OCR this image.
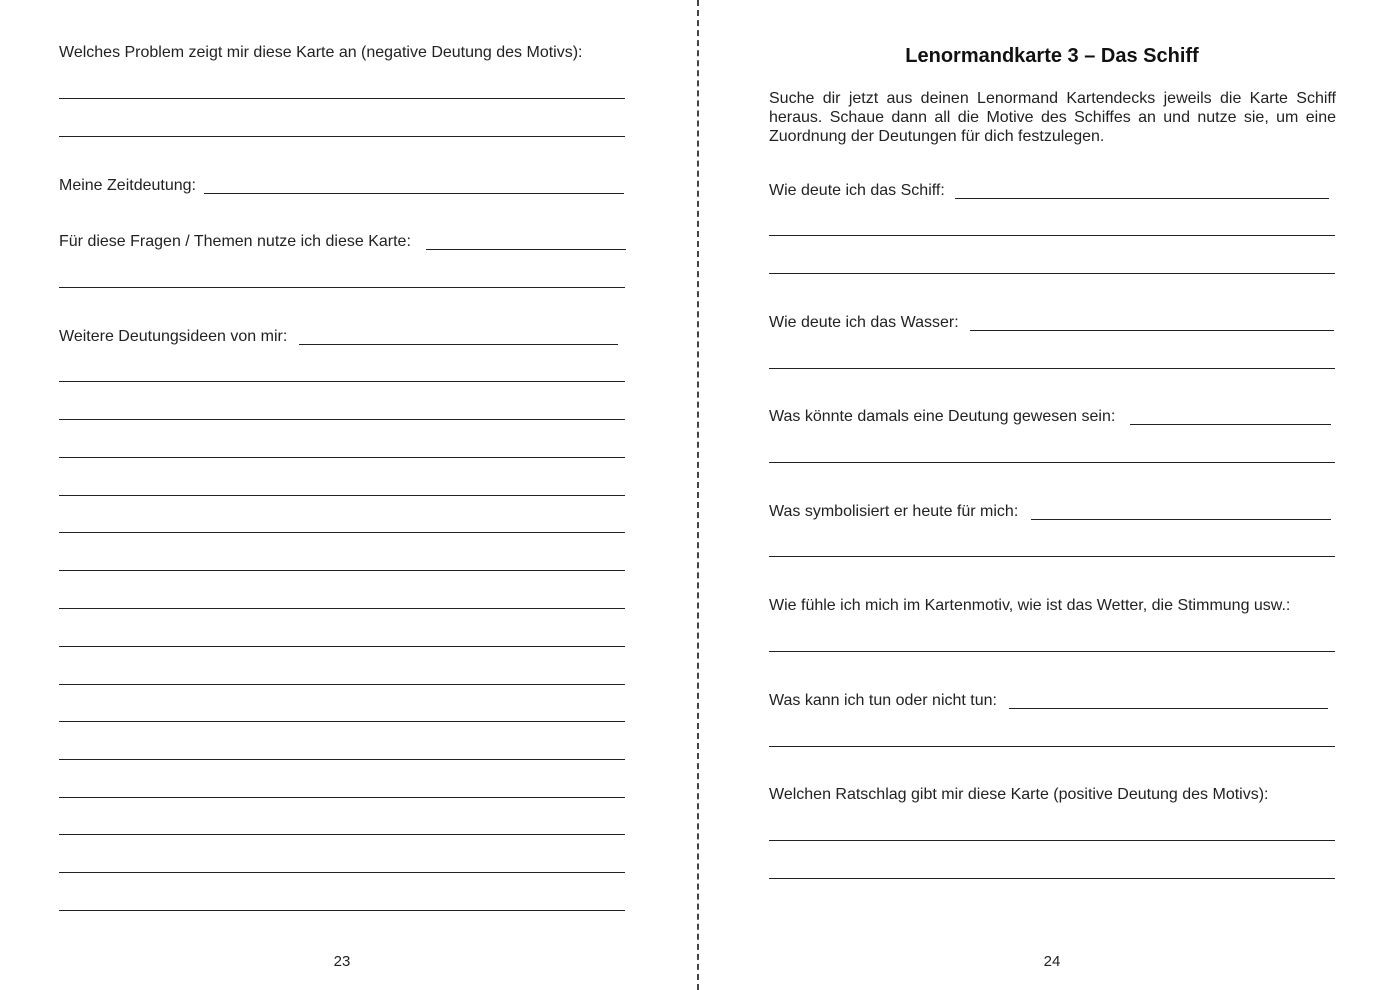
Welches Problem zeigt mir diese Karte an (negative Deutung des Motivs):
Meine Zeitdeutung:
Für diese Fragen / Themen nutze ich diese Karte:
Weitere Deutungsideen von mir:
23
Lenormandkarte 3 – Das Schiff
Suche dir jetzt aus deinen Lenormand Kartendecks jeweils die Karte Schiff heraus. Schaue dann all die Motive des Schiffes an und nutze sie, um eine Zuordnung der Deutungen für dich festzulegen.
Wie deute ich das Schiff:
Wie deute ich das Wasser:
Was könnte damals eine Deutung gewesen sein:
Was symbolisiert er heute für mich:
Wie fühle ich mich im Kartenmotiv, wie ist das Wetter, die Stimmung usw.:
Was kann ich tun oder nicht tun:
Welchen Ratschlag gibt mir diese Karte (positive Deutung des Motivs):
24
